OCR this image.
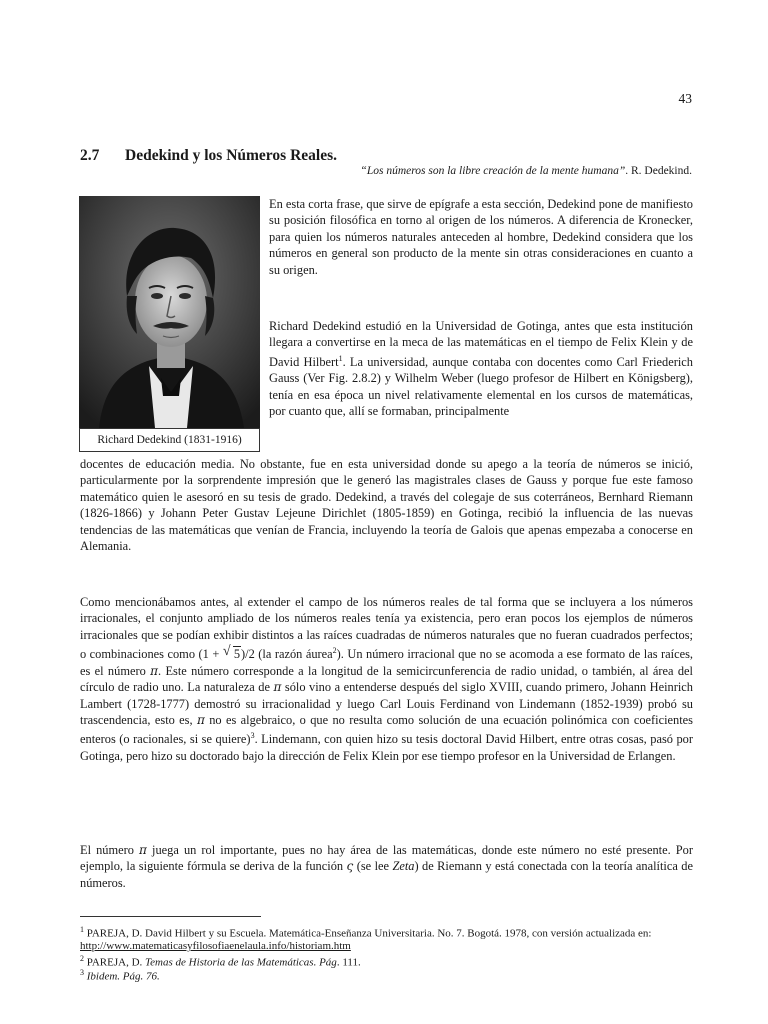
43
2.7 Dedekind y los Números Reales.
“Los números son la libre creación de la mente humana”. R. Dedekind.
Richard Dedekind (1831-1916)
En esta corta frase, que sirve de epígrafe a esta sección, Dedekind pone de manifiesto su posición filosófica en torno al origen de los números. A diferencia de Kronecker, para quien los números naturales anteceden al hombre, Dedekind considera que los números en general son producto de la mente sin otras consideraciones en cuanto a su origen.
Richard Dedekind estudió en la Universidad de Gotinga, antes que esta institución llegara a convertirse en la meca de las matemáticas en el tiempo de Felix Klein y de David Hilbert$^1$. La universidad, aunque contaba con docentes como Carl Friederich Gauss (Ver Fig. 2.8.2) y Wilhelm Weber (luego profesor de Hilbert en Königsberg), tenía en esa época un nivel relativamente elemental en los cursos de matemáticas, por cuanto que, allí se formaban, principalmente
docentes de educación media. No obstante, fue en esta universidad donde su apego a la teoría de números se inició, particularmente por la sorprendente impresión que le generó las magistrales clases de Gauss y porque fue este famoso matemático quien le asesoró en su tesis de grado. Dedekind, a través del colegaje de sus coterráneos, Bernhard Riemann (1826-1866) y Johann Peter Gustav Lejeune Dirichlet (1805-1859) en Gotinga, recibió la influencia de las nuevas tendencias de las matemáticas que venían de Francia, incluyendo la teoría de Galois que apenas empezaba a conocerse en Alemania.
Como mencionábamos antes, al extender el campo de los números reales de tal forma que se incluyera a los números irracionales, el conjunto ampliado de los números reales tenía ya existencia, pero eran pocos los ejemplos de números irracionales que se podían exhibir distintos a las raíces cuadradas de números naturales que no fueran cuadrados perfectos; o combinaciones como (1 + √ 5)/2 (la razón áurea$^2$). Un número irracional que no se acomoda a ese formato de las raíces, es el número π. Este número corresponde a la longitud de la semicircunferencia de radio unidad, o también, al área del círculo de radio uno. La naturaleza de π sólo vino a entenderse después del siglo XVIII, cuando primero, Johann Heinrich Lambert (1728-1777) demostró su irracionalidad y luego Carl Louis Ferdinand von Lindemann (1852-1939) probó su trascendencia, esto es, π no es algebraico, o que no resulta como solución de una ecuación polinómica con coeficientes enteros (o racionales, si se quiere)$^3$. Lindemann, con quien hizo su tesis doctoral David Hilbert, entre otras cosas, pasó por Gotinga, pero hizo su doctorado bajo la dirección de Felix Klein por ese tiempo profesor en la Universidad de Erlangen.
El número π juega un rol importante, pues no hay área de las matemáticas, donde este número no esté presente. Por ejemplo, la siguiente fórmula se deriva de la función ς (se lee Zeta) de Riemann y está conectada con la teoría analítica de números.
$^1$ PAREJA, D. David Hilbert y su Escuela. Matemática-Enseñanza Universitaria. No. 7. Bogotá. 1978, con versión actualizada en: http://www.matematicasyfilosofiaenelaula.info/historiam.htm
$^2$ PAREJA, D. Temas de Historia de las Matemáticas. Pág. 111.
$^3$ Ibidem. Pág. 76.
